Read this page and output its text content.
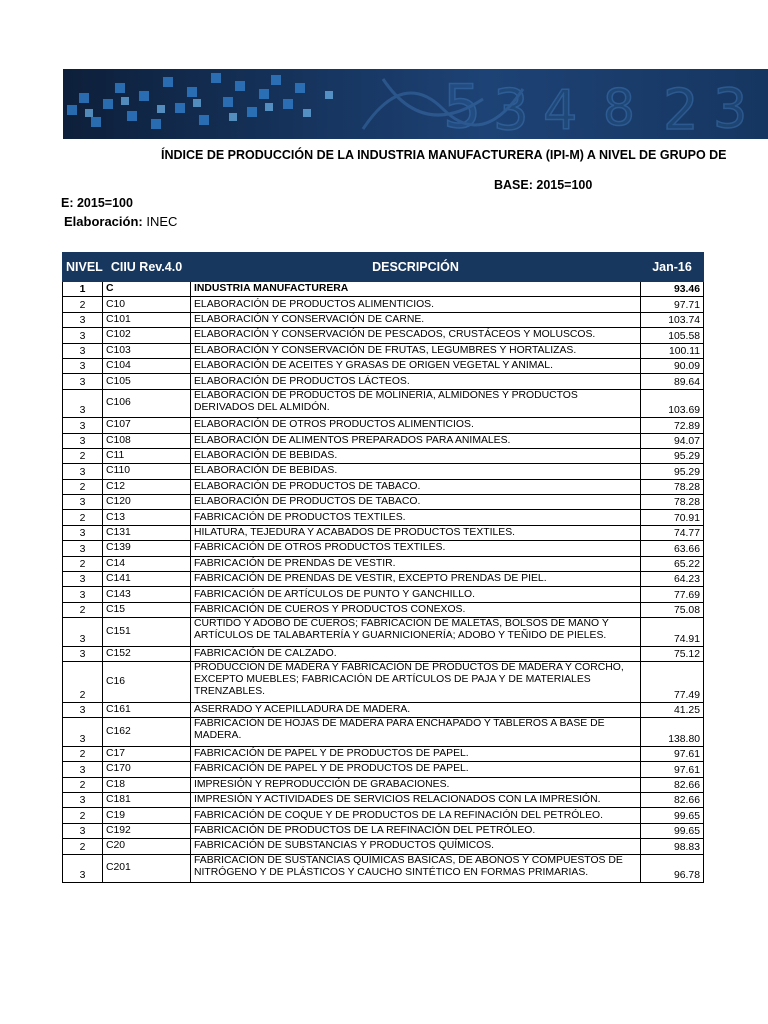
5 3 4 8 2 3
ÍNDICE DE PRODUCCIÓN DE LA INDUSTRIA MANUFACTURERA (IPI-M) A NIVEL DE GRUPO DE
BASE: 2015=100
E: 2015=100
Elaboración: INEC
NIVEL	CIIU Rev.4.0	DESCRIPCIÓN	Jan-16
1	C	INDUSTRIA MANUFACTURERA	93.46
2	C10	ELABORACIÓN DE PRODUCTOS ALIMENTICIOS.	97.71
3	C101	ELABORACIÓN Y CONSERVACIÓN DE CARNE.	103.74
3	C102	ELABORACIÓN Y CONSERVACIÓN DE PESCADOS, CRUSTÁCEOS Y MOLUSCOS.	105.58
3	C103	ELABORACIÓN Y CONSERVACIÓN DE FRUTAS, LEGUMBRES Y HORTALIZAS.	100.11
3	C104	ELABORACIÓN DE ACEITES Y GRASAS DE ORIGEN VEGETAL Y ANIMAL.	90.09
3	C105	ELABORACIÓN DE PRODUCTOS LÁCTEOS.	89.64
3	C106	ELABORACIÓN DE PRODUCTOS DE MOLINERÍA, ALMIDONES Y PRODUCTOS DERIVADOS DEL ALMIDÓN.	103.69
3	C107	ELABORACIÓN DE OTROS PRODUCTOS ALIMENTICIOS.	72.89
3	C108	ELABORACIÓN DE ALIMENTOS PREPARADOS PARA ANIMALES.	94.07
2	C11	ELABORACIÓN DE BEBIDAS.	95.29
3	C110	ELABORACIÓN DE BEBIDAS.	95.29
2	C12	ELABORACIÓN DE PRODUCTOS DE TABACO.	78.28
3	C120	ELABORACIÓN DE PRODUCTOS DE TABACO.	78.28
2	C13	FABRICACIÓN DE PRODUCTOS TEXTILES.	70.91
3	C131	HILATURA, TEJEDURA Y ACABADOS DE PRODUCTOS TEXTILES.	74.77
3	C139	FABRICACIÓN DE OTROS PRODUCTOS TEXTILES.	63.66
2	C14	FABRICACIÓN DE PRENDAS DE VESTIR.	65.22
3	C141	FABRICACIÓN DE PRENDAS DE VESTIR, EXCEPTO PRENDAS DE PIEL.	64.23
3	C143	FABRICACIÓN DE ARTÍCULOS DE PUNTO Y GANCHILLO.	77.69
2	C15	FABRICACIÓN DE CUEROS Y PRODUCTOS CONEXOS.	75.08
3	C151	CURTIDO Y ADOBO DE CUEROS; FABRICACIÓN DE MALETAS, BOLSOS DE MANO Y ARTÍCULOS DE TALABARTERÍA Y GUARNICIONERÍA; ADOBO Y TEÑIDO DE PIELES.	74.91
3	C152	FABRICACIÓN DE CALZADO.	75.12
2	C16	PRODUCCIÓN DE MADERA Y FABRICACIÓN DE PRODUCTOS DE MADERA Y CORCHO, EXCEPTO MUEBLES; FABRICACIÓN DE ARTÍCULOS DE PAJA Y DE MATERIALES TRENZABLES.	77.49
3	C161	ASERRADO Y ACEPILLADURA DE MADERA.	41.25
3	C162	FABRICACIÓN DE HOJAS DE MADERA PARA ENCHAPADO Y TABLEROS A BASE DE MADERA.	138.80
2	C17	FABRICACIÓN DE PAPEL Y DE PRODUCTOS DE PAPEL.	97.61
3	C170	FABRICACIÓN DE PAPEL Y DE PRODUCTOS DE PAPEL.	97.61
2	C18	IMPRESIÓN Y REPRODUCCIÓN DE GRABACIONES.	82.66
3	C181	IMPRESIÓN Y ACTIVIDADES DE SERVICIOS RELACIONADOS CON LA IMPRESIÓN.	82.66
2	C19	FABRICACIÓN DE COQUE Y DE PRODUCTOS DE LA REFINACIÓN DEL PETRÓLEO.	99.65
3	C192	FABRICACIÓN DE PRODUCTOS DE LA REFINACIÓN DEL PETRÓLEO.	99.65
2	C20	FABRICACIÓN DE SUBSTANCIAS Y PRODUCTOS QUÍMICOS.	98.83
3	C201	FABRICACIÓN DE SUSTANCIAS QUÍMICAS BÁSICAS, DE ABONOS Y COMPUESTOS DE NITRÓGENO Y DE PLÁSTICOS Y CAUCHO SINTÉTICO EN FORMAS PRIMARIAS.	96.78
